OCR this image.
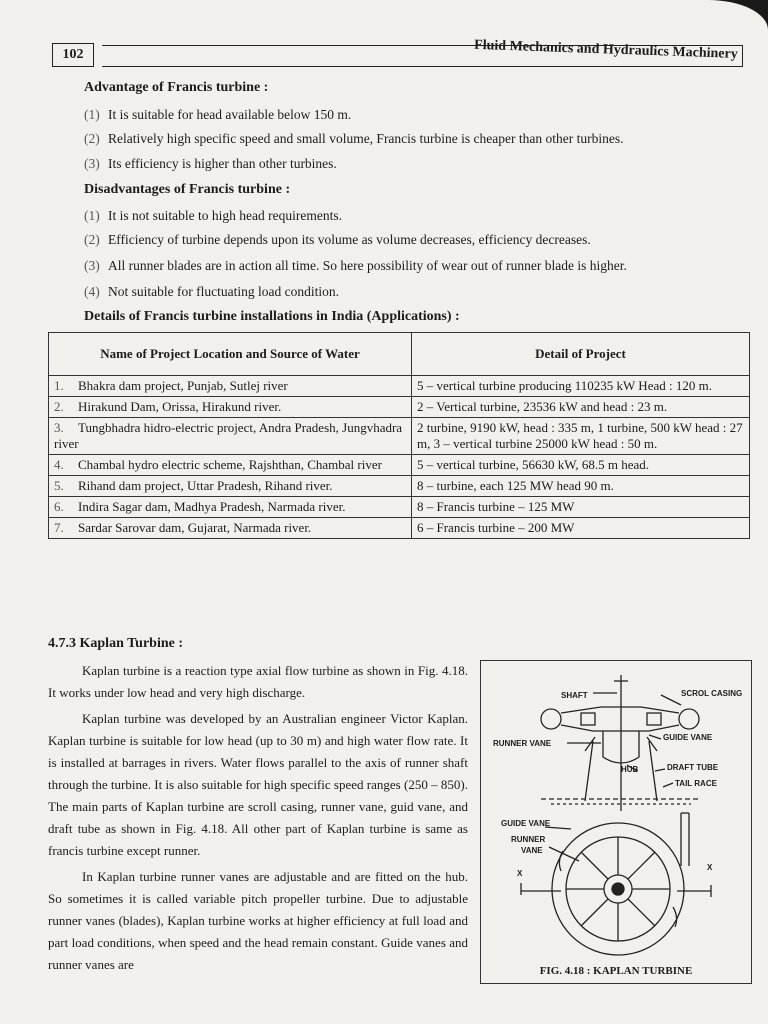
102	Fluid Mechanics and Hydraulics Machinery
Advantage of Francis turbine :
(1) It is suitable for head available below 150 m.
(2) Relatively high specific speed and small volume, Francis turbine is cheaper than other turbines.
(3) Its efficiency is higher than other turbines.
Disadvantages of Francis turbine :
(1) It is not suitable to high head requirements.
(2) Efficiency of turbine depends upon its volume as volume decreases, efficiency decreases.
(3) All runner blades are in action all time. So here possibility of wear out of runner blade is higher.
(4) Not suitable for fluctuating load condition.
Details of Francis turbine installations in India (Applications) :
Name of Project Location and Source of Water	Detail of Project
1. Bhakra dam project, Punjab, Sutlej river	5 – vertical turbine producing 110235 kW Head : 120 m.
2. Hirakund Dam, Orissa, Hirakund river.	2 – Vertical turbine, 23536 kW and head : 23 m.
3. Tungbhadra hidro-electric project, Andra Pradesh, Jungvhadra river	2 turbine, 9190 kW, head : 335 m, 1 turbine, 500 kW head : 27 m, 3 – vertical turbine 25000 kW head : 50 m.
4. Chambal hydro electric scheme, Rajshthan, Chambal river	5 – vertical turbine, 56630 kW, 68.5 m head.
5. Rihand dam project, Uttar Pradesh, Rihand river.	8 – turbine, each 125 MW head 90 m.
6. Indira Sagar dam, Madhya Pradesh, Narmada river.	8 – Francis turbine – 125 MW
7. Sardar Sarovar dam, Gujarat, Narmada river.	6 – Francis turbine – 200 MW
4.7.3 Kaplan Turbine :

Kaplan turbine is a reaction type axial flow turbine as shown in Fig. 4.18. It works under low head and very high discharge.

Kaplan turbine was developed by an Australian engineer Victor Kaplan. Kaplan turbine is suitable for low head (up to 30 m) and high water flow rate. It is installed at barrages in rivers. Water flows parallel to the axis of runner shaft through the turbine. It is also suitable for high specific speed ranges (250 – 850). The main parts of Kaplan turbine are scroll casing, runner vane, guid vane, and draft tube as shown in Fig. 4.18. All other part of Kaplan turbine is same as francis turbine except runner.

In Kaplan turbine runner vanes are adjustable and are fitted on the hub. So sometimes it is called variable pitch propeller turbine. Due to adjustable runner vanes (blades), Kaplan turbine works at higher efficiency at full load and part load conditions, when speed and the head remain constant. Guide vanes and runner vanes are

SHAFT	SCROL CASING
RUNNER VANE
GUIDE VANE
HUB	DRAFT TUBE
TAIL RACE
GUIDE VANE
RUNNER
VANE
X
X
FIG. 4.18 : KAPLAN TURBINE
